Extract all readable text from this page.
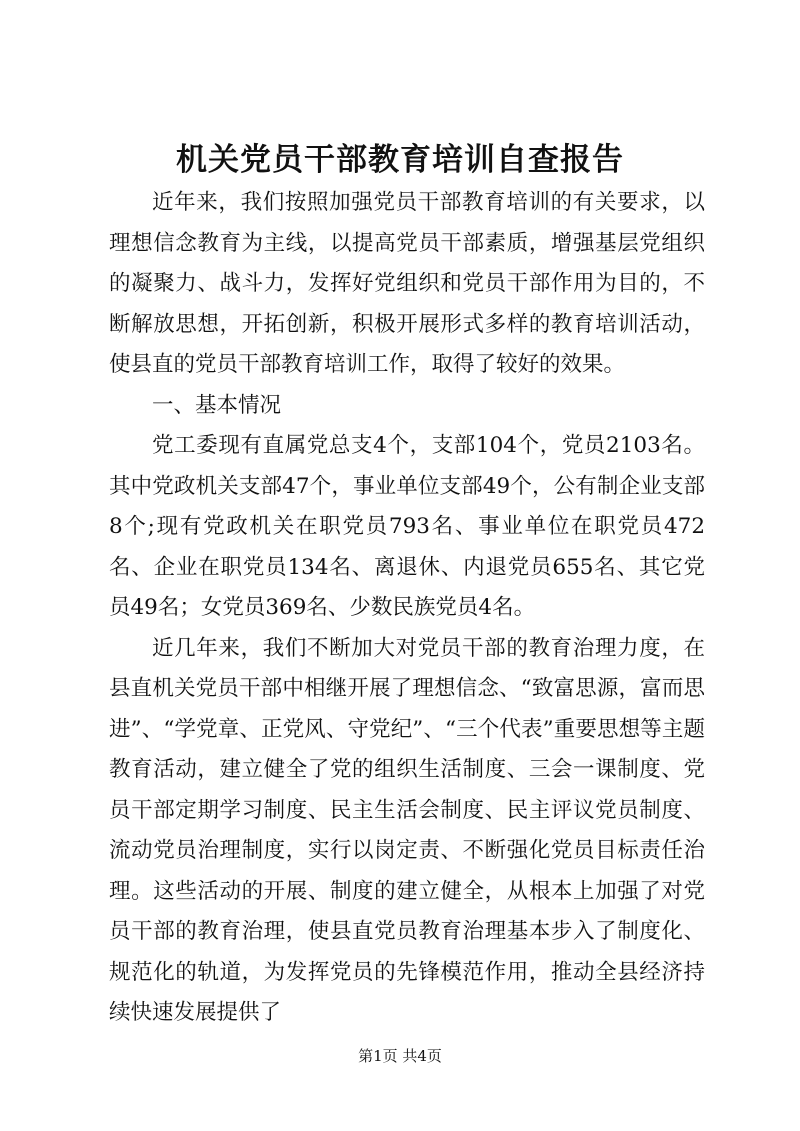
机关党员干部教育培训自查报告

近年来，我们按照加强党员干部教育培训的有关要求，以理想信念教育为主线，以提高党员干部素质，增强基层党组织的凝聚力、战斗力，发挥好党组织和党员干部作用为目的，不断解放思想，开拓创新，积极开展形式多样的教育培训活动，使县直的党员干部教育培训工作，取得了较好的效果。

一、基本情况

党工委现有直属党总支4个，支部104个，党员2103名。其中党政机关支部47个，事业单位支部49个，公有制企业支部8个;现有党政机关在职党员793名、事业单位在职党员472名、企业在职党员134名、离退休、内退党员655名、其它党员49名；女党员369名、少数民族党员4名。

近几年来，我们不断加大对党员干部的教育治理力度，在县直机关党员干部中相继开展了理想信念、“致富思源，富而思进”、“学党章、正党风、守党纪”、“三个代表”重要思想等主题教育活动，建立健全了党的组织生活制度、三会一课制度、党员干部定期学习制度、民主生活会制度、民主评议党员制度、流动党员治理制度，实行以岗定责、不断强化党员目标责任治理。这些活动的开展、制度的建立健全，从根本上加强了对党员干部的教育治理，使县直党员教育治理基本步入了制度化、规范化的轨道，为发挥党员的先锋模范作用，推动全县经济持续快速发展提供了

第1页 共4页
